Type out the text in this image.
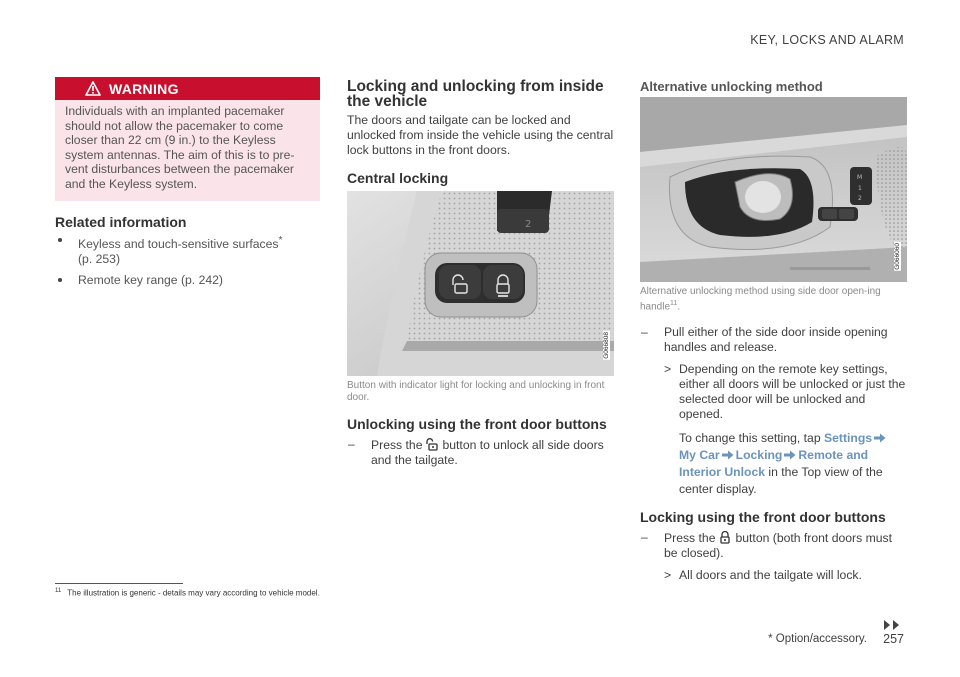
KEY, LOCKS AND ALARM
WARNING
Individuals with an implanted pacemaker should not allow the pacemaker to come closer than 22 cm (9 in.) to the Keyless system antennas. The aim of this is to pre-vent disturbances between the pacemaker and the Keyless system.
Related information
Keyless and touch-sensitive surfaces*
(p. 253)
Remote key range (p. 242)
Locking and unlocking from inside
the vehicle

The doors and tailgate can be locked and unlocked from inside the vehicle using the central lock buttons in the front doors.

Central locking
2
G066808

Button with indicator light for locking and unlocking in front door.

Unlocking using the front door buttons
– Press the button to unlock all side doors and the tailgate.
Alternative unlocking method
M
1
2
G066060

Alternative unlocking method using side door open-ing handle$^{11}$.

– Pull either of the side door inside opening handles and release.
> Depending on the remote key settings, either all doors will be unlocked or just the selected door will be unlocked and opened.
To change this setting, tap Settings My Car Locking Remote and Interior Unlock in the Top view of the center display.
Locking using the front door buttons
– Press the button (both front doors must be closed).
> All doors and the tailgate will lock.
$^{11}$ The illustration is generic - details may vary according to vehicle model.
* Option/accessory. 257
